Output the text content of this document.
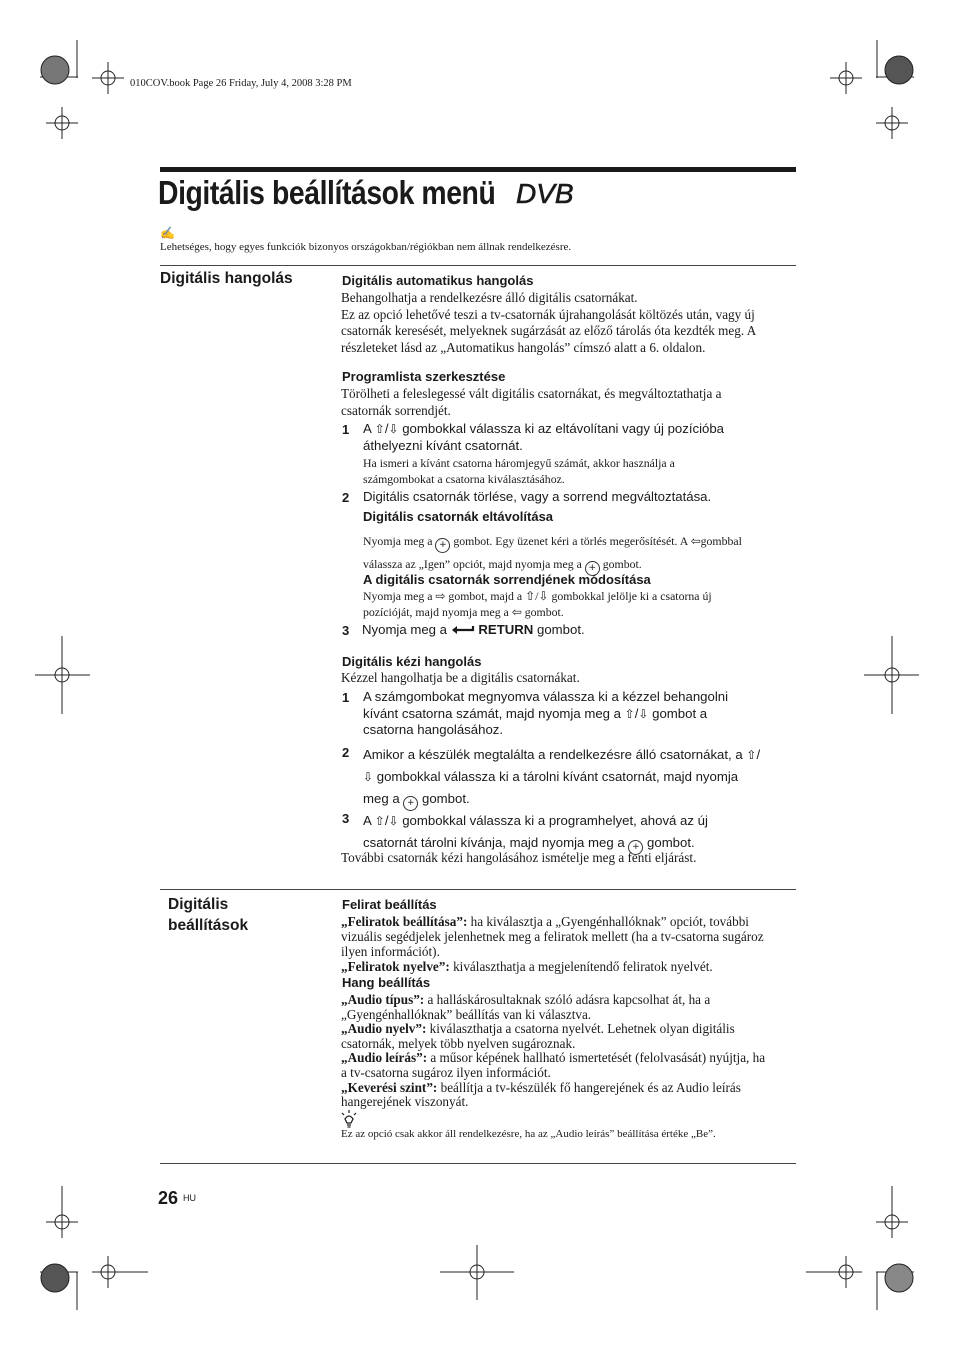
010COV.book Page 26 Friday, July 4, 2008 3:28 PM
Digitális beállítások menü DVB
✍
Lehetséges, hogy egyes funkciók bizonyos országokban/régiókban nem állnak rendelkezésre.
Digitális hangolás	Digitális automatikus hangolás
Behangolhatja a rendelkezésre álló digitális csatornákat.
Ez az opció lehetővé teszi a tv-csatornák újrahangolását költözés után, vagy új
csatornák keresését, melyeknek sugárzását az előző tárolás óta kezdték meg. A
részleteket lásd az „Automatikus hangolás” címszó alatt a 6. oldalon.
Programlista szerkesztése
Törölheti a feleslegessé vált digitális csatornákat, és megváltoztathatja a
csatornák sorrendjét.
1 A ⇧/⇩ gombokkal válassza ki az eltávolítani vagy új pozícióba
áthelyezni kívánt csatornát.
Ha ismeri a kívánt csatorna háromjegyű számát, akkor használja a
számgombokat a csatorna kiválasztásához.
2 Digitális csatornák törlése, vagy a sorrend megváltoztatása.
Digitális csatornák eltávolítása
Nyomja meg a + gombot. Egy üzenet kéri a törlés megerősítését. A ⇦gombbal
válassza az „Igen” opciót, majd nyomja meg a + gombot.
A digitális csatornák sorrendjének módosítása
Nyomja meg a ⇨ gombot, majd a ⇧/⇩ gombokkal jelölje ki a csatorna új
pozícióját, majd nyomja meg a ⇦ gombot.
3 Nyomja meg a RETURN gombot.
Digitális kézi hangolás
Kézzel hangolhatja be a digitális csatornákat.
1 A számgombokat megnyomva válassza ki a kézzel behangolni
kívánt csatorna számát, majd nyomja meg a ⇧/⇩ gombot a
csatorna hangolásához.
2 Amikor a készülék megtalálta a rendelkezésre álló csatornákat, a ⇧/
⇩ gombokkal válassza ki a tárolni kívánt csatornát, majd nyomja
meg a + gombot.
3 A ⇧/⇩ gombokkal válassza ki a programhelyet, ahová az új
csatornát tárolni kívánja, majd nyomja meg a + gombot.
További csatornák kézi hangolásához ismételje meg a fenti eljárást.
Digitális
beállítások
Felirat beállítás
„Feliratok beállítása”: ha kiválasztja a „Gyengénhallóknak” opciót, további
vizuális segédjelek jelenhetnek meg a feliratok mellett (ha a tv-csatorna sugároz
ilyen információt).
„Feliratok nyelve”: kiválaszthatja a megjelenítendő feliratok nyelvét.
Hang beállítás
„Audio típus”: a halláskárosultaknak szóló adásra kapcsolhat át, ha a
„Gyengénhallóknak” beállítás van ki választva.
„Audio nyelv”: kiválaszthatja a csatorna nyelvét. Lehetnek olyan digitális
csatornák, melyek több nyelven sugároznak.
„Audio leírás”: a műsor képének hallható ismertetését (felolvasását) nyújtja, ha
a tv-csatorna sugároz ilyen információt.
„Keverési szint”: beállítja a tv-készülék fő hangerejének és az Audio leírás
hangerejének viszonyát.
Ez az opció csak akkor áll rendelkezésre, ha az „Audio leírás” beállítása értéke „Be”.
26 HU
